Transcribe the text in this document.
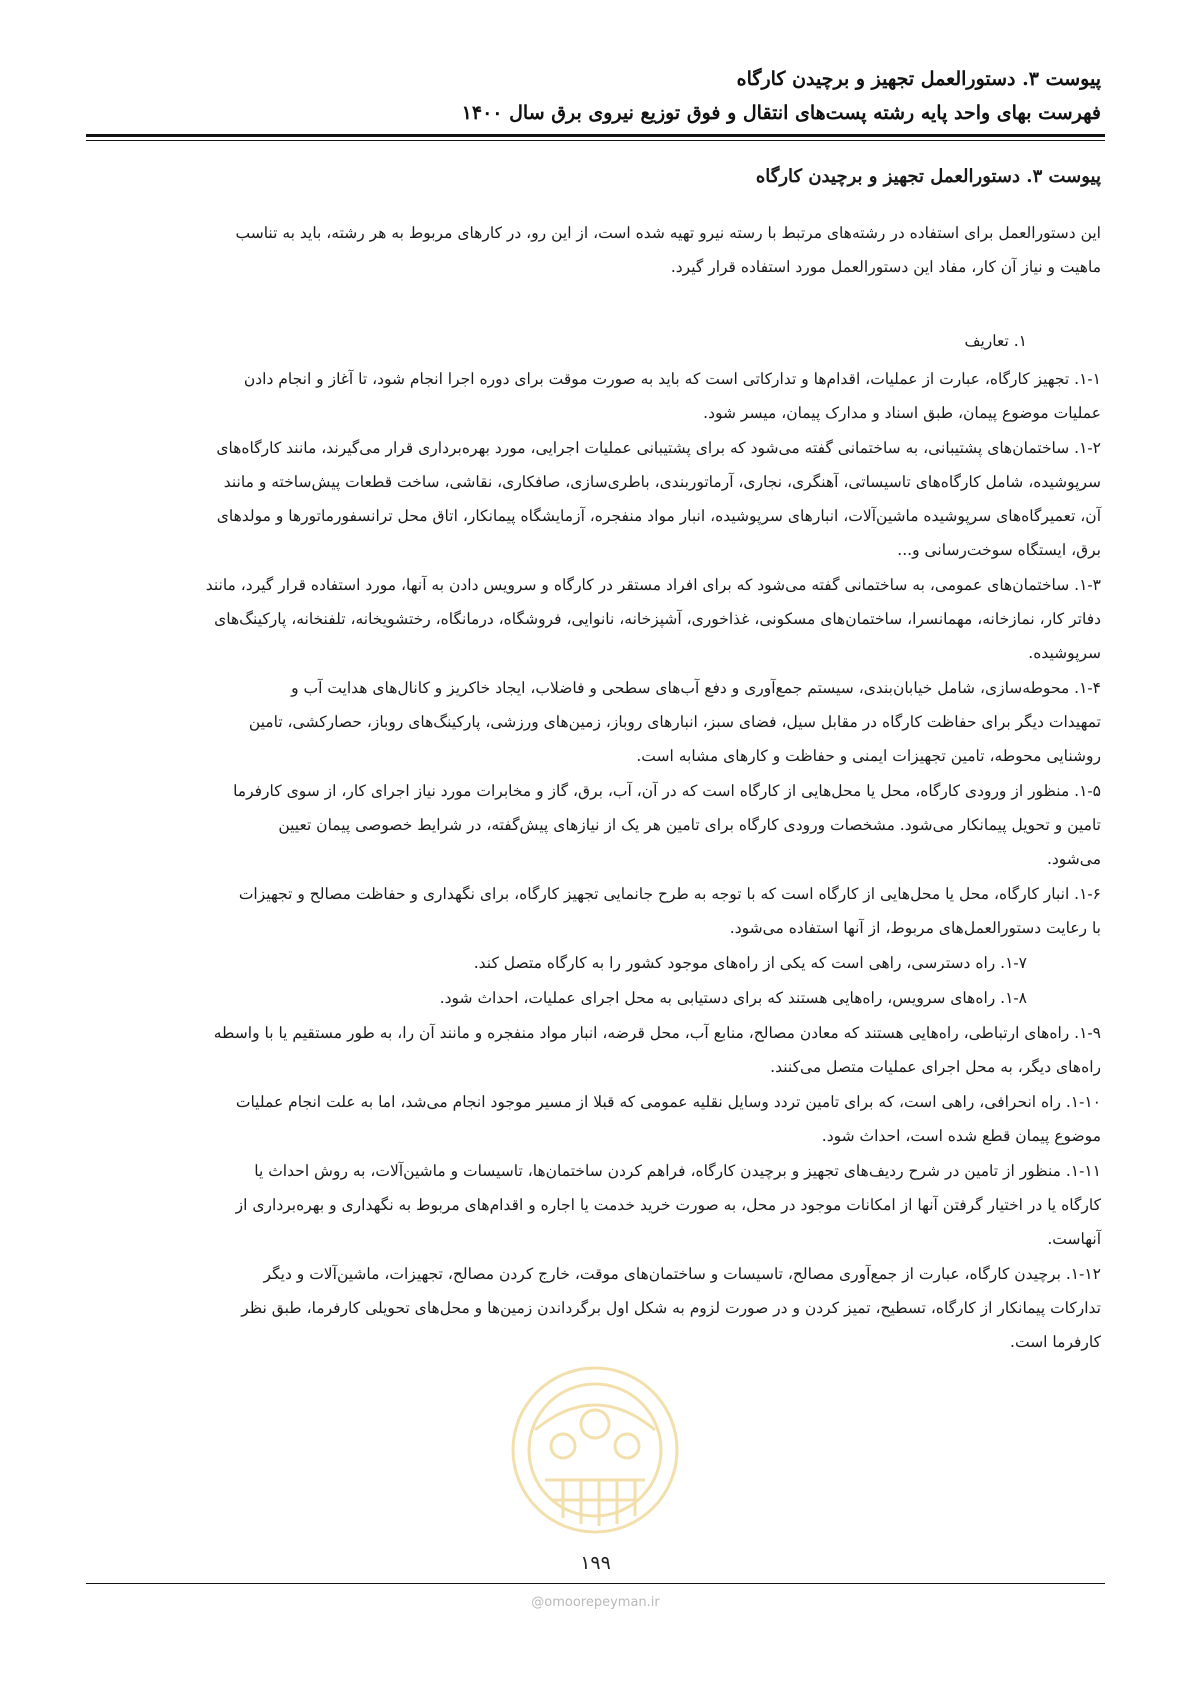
پیوست ۳. دستورالعمل تجهیز و برچیدن کارگاه
فهرست بهای واحد پایه رشته پست‌های انتقال و فوق توزیع نیروی برق سال ۱۴۰۰
پیوست ۳. دستورالعمل تجهیز و برچیدن کارگاه
این دستورالعمل برای استفاده در رشته‌های مرتبط با رسته نیرو تهیه شده است، از این رو، در کارهای مربوط به هر رشته، باید به تناسب
ماهیت و نیاز آن کار، مفاد این دستورالعمل مورد استفاده قرار گیرد.
۱. تعاریف
۱-۱. تجهیز کارگاه، عبارت از عملیات، اقدام‌ها و تدارکاتی است که باید به صورت موقت برای دوره اجرا انجام شود، تا آغاز و انجام دادن
عملیات موضوع پیمان، طبق اسناد و مدارک پیمان، میسر شود.
۱-۲. ساختمان‌های پشتیبانی، به ساختمانی گفته می‌شود که برای پشتیبانی عملیات اجرایی، مورد بهره‌برداری قرار می‌گیرند، مانند کارگاه‌های
سرپوشیده، شامل کارگاه‌های تاسیساتی، آهنگری، نجاری، آرماتوربندی، باطری‌سازی، صافکاری، نقاشی، ساخت قطعات پیش‌ساخته و مانند
آن، تعمیرگاه‌های سرپوشیده ماشین‌آلات، انبارهای سرپوشیده، انبار مواد منفجره، آزمایشگاه پیمانکار، اتاق محل ترانسفورماتورها و مولدهای
برق، ایستگاه سوخت‌رسانی و...
۱-۳. ساختمان‌های عمومی، به ساختمانی گفته می‌شود که برای افراد مستقر در کارگاه و سرویس دادن به آنها، مورد استفاده قرار گیرد، مانند
دفاتر کار، نمازخانه، مهمانسرا، ساختمان‌های مسکونی، غذاخوری، آشپزخانه، نانوایی، فروشگاه، درمانگاه، رختشویخانه، تلفنخانه، پارکینگ‌های
سرپوشیده.
۱-۴. محوطه‌سازی، شامل خیابان‌بندی، سیستم جمع‌آوری و دفع آب‌های سطحی و فاضلاب، ایجاد خاکریز و کانال‌های هدایت آب و
تمهیدات دیگر برای حفاظت کارگاه در مقابل سیل، فضای سبز، انبارهای روباز، زمین‌های ورزشی، پارکینگ‌های روباز، حصارکشی، تامین
روشنایی محوطه، تامین تجهیزات ایمنی و حفاظت و کارهای مشابه است.
۱-۵. منظور از ورودی کارگاه، محل یا محل‌هایی از کارگاه است که در آن، آب، برق، گاز و مخابرات مورد نیاز اجرای کار، از سوی کارفرما
تامین و تحویل پیمانکار می‌شود. مشخصات ورودی کارگاه برای تامین هر یک از نیازهای پیش‌گفته، در شرایط خصوصی پیمان تعیین
می‌شود.
۱-۶. انبار کارگاه، محل یا محل‌هایی از کارگاه است که با توجه به طرح جانمایی تجهیز کارگاه، برای نگهداری و حفاظت مصالح و تجهیزات
با رعایت دستورالعمل‌های مربوط، از آنها استفاده می‌شود.
۱-۷. راه دسترسی، راهی است که یکی از راه‌های موجود کشور را به کارگاه متصل کند.
۱-۸. راه‌های سرویس، راه‌هایی هستند که برای دستیابی به محل اجرای عملیات، احداث شود.
۱-۹. راه‌های ارتباطی، راه‌هایی هستند که معادن مصالح، منابع آب، محل قرضه، انبار مواد منفجره و مانند آن را، به طور مستقیم یا با واسطه
راه‌های دیگر، به محل اجرای عملیات متصل می‌کنند.
۱-۱۰. راه انحرافی، راهی است، که برای تامین تردد وسایل نقلیه عمومی که قبلا از مسیر موجود انجام می‌شد، اما به علت انجام عملیات
موضوع پیمان قطع شده است، احداث شود.
۱-۱۱. منظور از تامین در شرح ردیف‌های تجهیز و برچیدن کارگاه، فراهم کردن ساختمان‌ها، تاسیسات و ماشین‌آلات، به روش احداث یا
کارگاه یا در اختیار گرفتن آنها از امکانات موجود در محل، به صورت خرید خدمت یا اجاره و اقدام‌های مربوط به نگهداری و بهره‌برداری از
آنهاست.
۱-۱۲. برچیدن کارگاه، عبارت از جمع‌آوری مصالح، تاسیسات و ساختمان‌های موقت، خارج کردن مصالح، تجهیزات، ماشین‌آلات و دیگر
تدارکات پیمانکار از کارگاه، تسطیح، تمیز کردن و در صورت لزوم به شکل اول برگرداندن زمین‌ها و محل‌های تحویلی کارفرما، طبق نظر
کارفرما است.
۱۹۹
@omoorepeyman.ir
